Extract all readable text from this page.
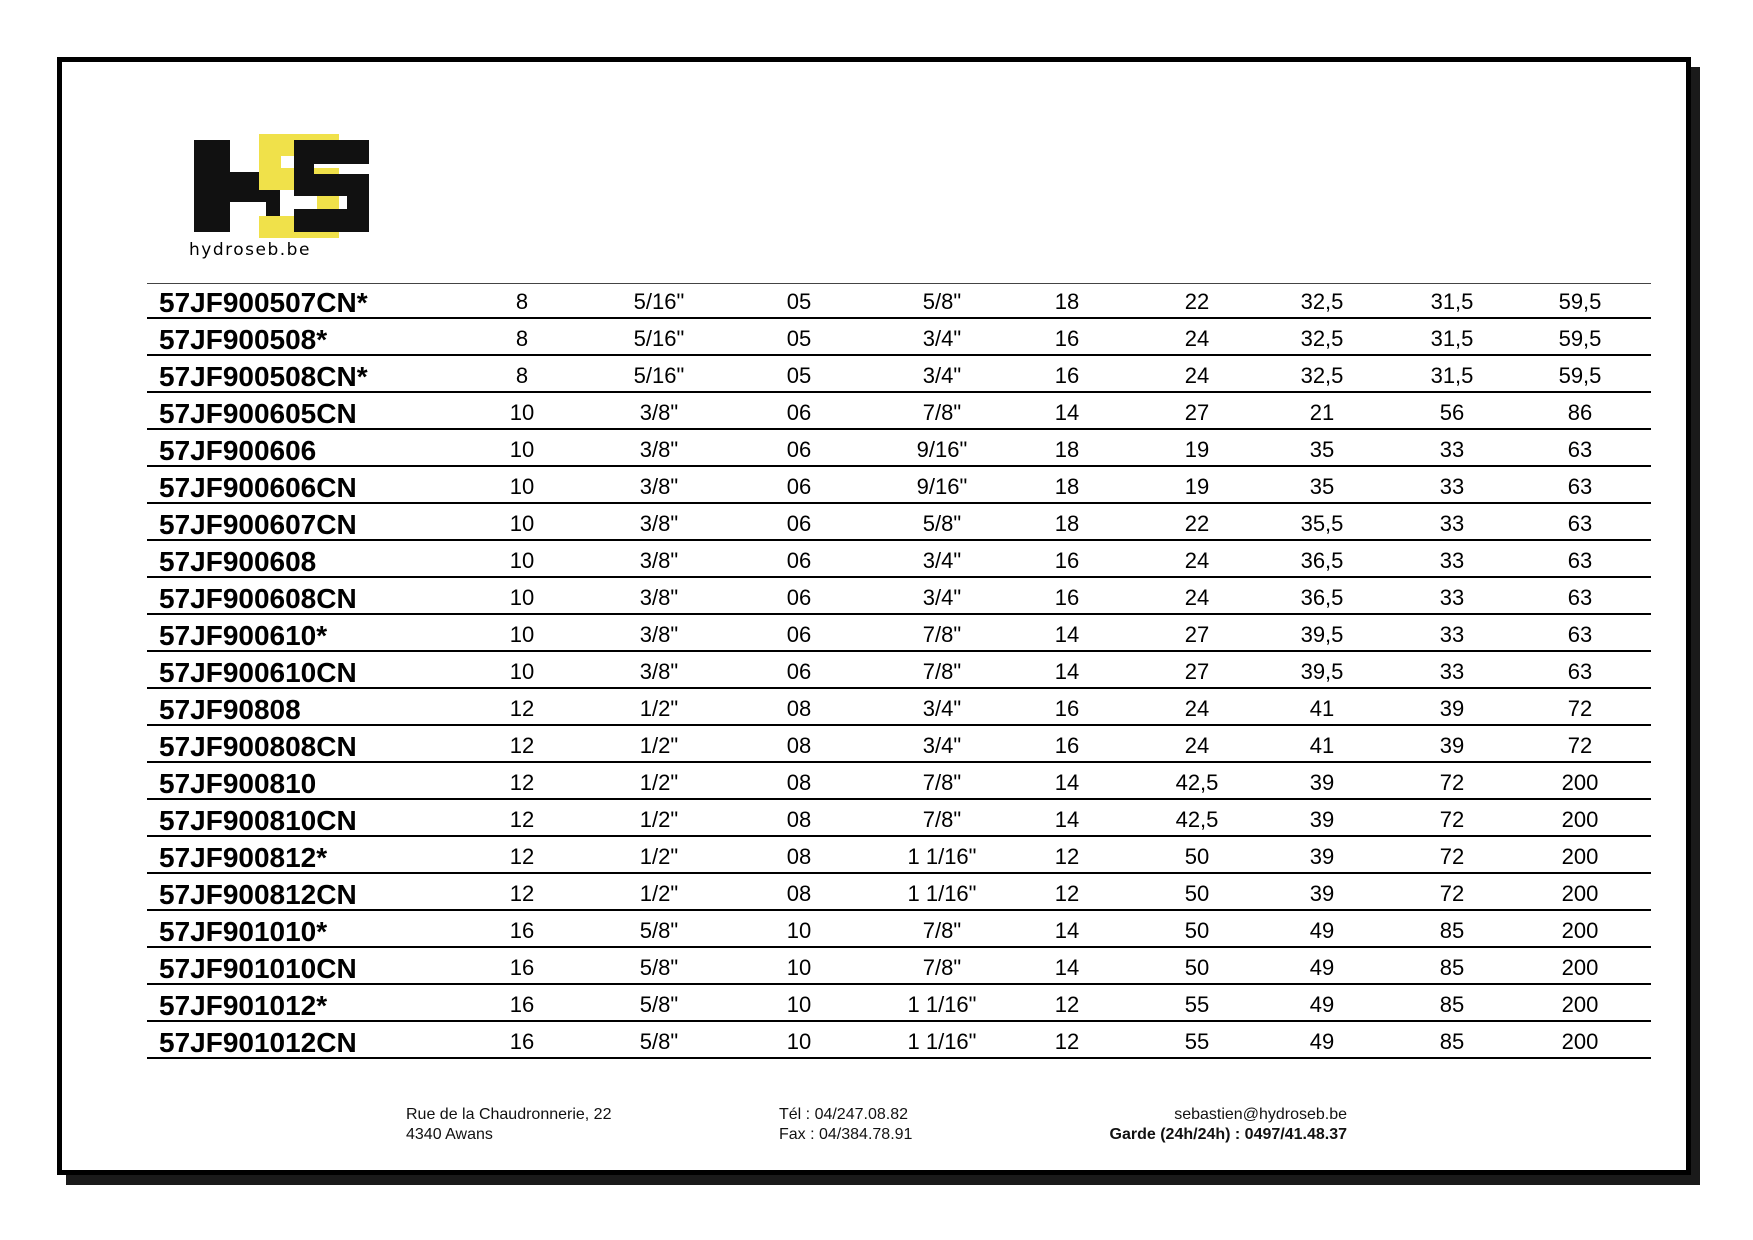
hydroseb.be
57JF900507CN*	8	5/16"	05	5/8"	18	22	32,5	31,5	59,5
57JF900508*	8	5/16"	05	3/4"	16	24	32,5	31,5	59,5
57JF900508CN*	8	5/16"	05	3/4"	16	24	32,5	31,5	59,5
57JF900605CN	10	3/8"	06	7/8"	14	27	21	56	86
57JF900606	10	3/8"	06	9/16"	18	19	35	33	63
57JF900606CN	10	3/8"	06	9/16"	18	19	35	33	63
57JF900607CN	10	3/8"	06	5/8"	18	22	35,5	33	63
57JF900608	10	3/8"	06	3/4"	16	24	36,5	33	63
57JF900608CN	10	3/8"	06	3/4"	16	24	36,5	33	63
57JF900610*	10	3/8"	06	7/8"	14	27	39,5	33	63
57JF900610CN	10	3/8"	06	7/8"	14	27	39,5	33	63
57JF90808	12	1/2"	08	3/4"	16	24	41	39	72
57JF900808CN	12	1/2"	08	3/4"	16	24	41	39	72
57JF900810	12	1/2"	08	7/8"	14	42,5	39	72	200
57JF900810CN	12	1/2"	08	7/8"	14	42,5	39	72	200
57JF900812*	12	1/2"	08	1 1/16"	12	50	39	72	200
57JF900812CN	12	1/2"	08	1 1/16"	12	50	39	72	200
57JF901010*	16	5/8"	10	7/8"	14	50	49	85	200
57JF901010CN	16	5/8"	10	7/8"	14	50	49	85	200
57JF901012*	16	5/8"	10	1 1/16"	12	55	49	85	200
57JF901012CN	16	5/8"	10	1 1/16"	12	55	49	85	200
Rue de la Chaudronnerie, 22
4340 Awans
Tél : 04/247.08.82
Fax : 04/384.78.91
sebastien@hydroseb.be
Garde (24h/24h) : 0497/41.48.37
